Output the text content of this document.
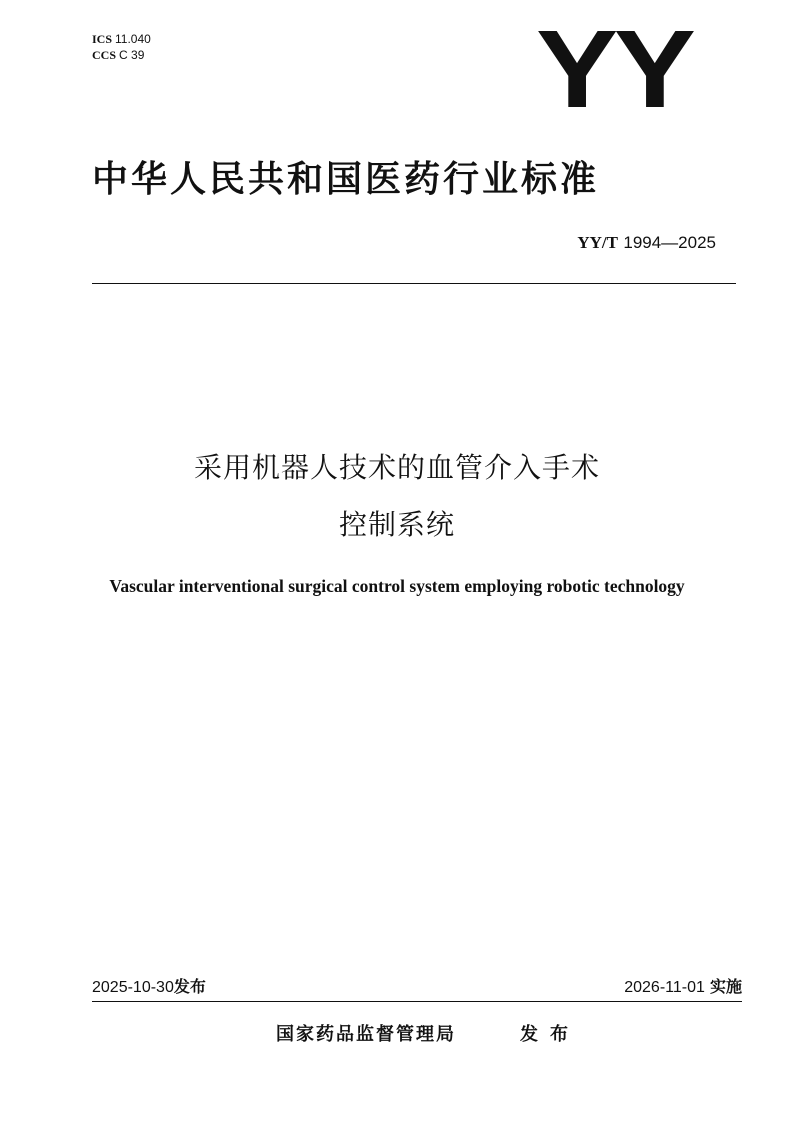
ICS 11.040
CCS C 39	YY
中华人民共和国医药行业标准
YY/T 1994—2025
采用机器人技术的血管介入手术
控制系统
Vascular interventional surgical control system employing robotic technology
2025-10-30发布	2026-11-01 实施
国家药品监督管理局	发布
